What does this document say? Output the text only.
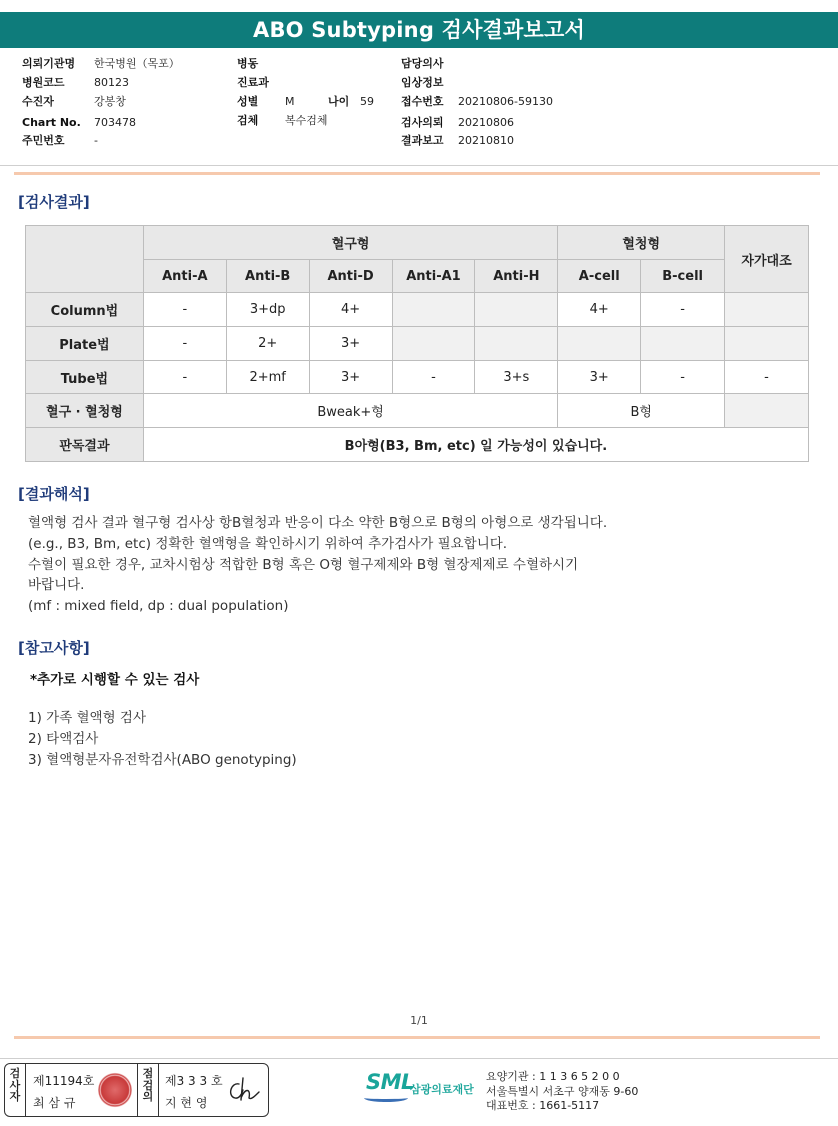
ABO Subtyping 검사결과보고서
의뢰기관명 한국병원（목포）	병동	담당의사
병원코드	80123	진료과	임상정보
수진자	강봉창	성별 M	나이 59 접수번호 20210806-59130
Chart No. 703478	검체 복수검체	검사의뢰 20210806
주민번호	-	결과보고 20210810
[검사결과]
	혈구형					혈청형		자가대조
	Anti-A	Anti-B	Anti-D	Anti-A1	Anti-H	A-cell	B-cell	
Column법	-	3+dp	4+			4+	-	
Plate법	-	2+	3+					
Tube법	-	2+mf	3+	-	3+s	3+	-	-
혈구 · 혈청형	Bweak+형					B형		
판독결과	B아형(B3, Bm, etc) 일 가능성이 있습니다.							
[결과해석]

혈액형 검사 결과 혈구형 검사상 항B혈청과 반응이 다소 약한 B형으로 B형의 아형으로 생각됩니다.

(e.g., B3, Bm, etc) 정확한 혈액형을 확인하시기 위하여 추가검사가 필요합니다.

수혈이 필요한 경우, 교차시험상 적합한 B형 혹은 O형 혈구제제와 B형 혈장제제로 수혈하시기

바랍니다.

(mf : mixed field, dp : dual population)

[참고사항]
*추가로 시행할 수 있는 검사

1) 가족 혈액형 검사

2) 타액검사

3) 혈액형분자유전학검사(ABO genotyping)

1/1
검사자
제11194호
최 삼 규
점검의
제3 3 3 호
지 현 영
SML
삼광의료재단

요양기관 : 1 1 3 6 5 2 0 0

서울특별시 서초구 양재동 9-60

대표번호 : 1661-5117
